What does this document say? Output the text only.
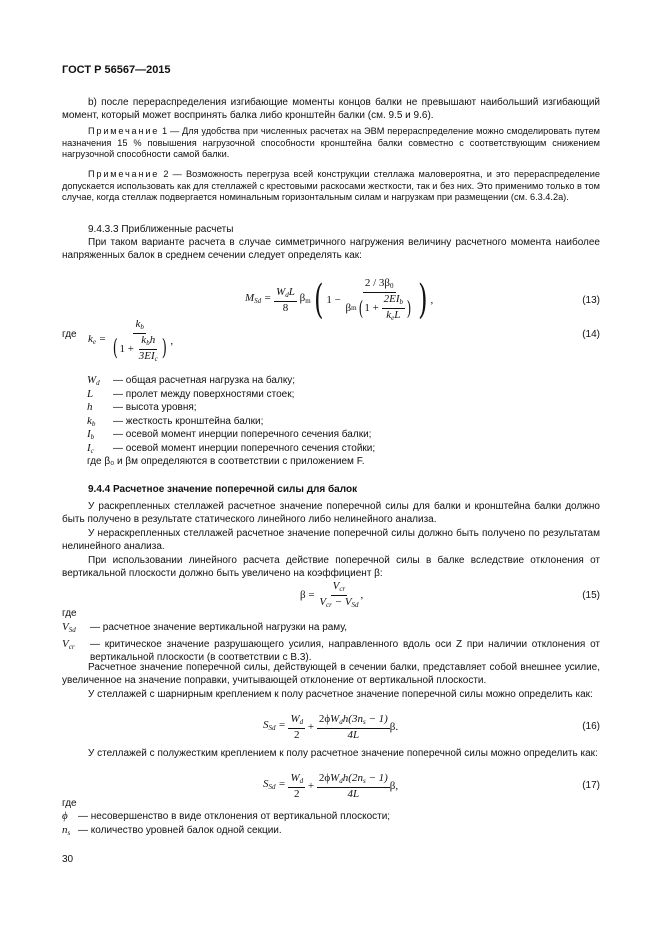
ГОСТ Р 56567—2015
b) после перераспределения изгибающие моменты концов балки не превышают наибольший изгибающий момент, который может воспринять балка либо кронштейн балки (см. 9.5 и 9.6).
Примечание 1 — Для удобства при численных расчетах на ЭВМ перераспределение можно смоделировать путем назначения 15 % повышения нагрузочной способности кронштейна балки совместно с соответствующим снижением нагрузочной способности самой балки.
Примечание 2 — Возможность перегруза всей конструкции стеллажа маловероятна, и это перераспределение допускается использовать как для стеллажей с крестовыми раскосами жесткости, так и без них. Это применимо только в том случае, когда стеллаж подвергается номинальным горизонтальным силам и нагрузкам при размещении (см. 6.3.4.2а).
9.4.3.3 Приближенные расчеты
При таком варианте расчета в случае симметричного нагружения величину расчетного момента наиболее напряженных балок в среднем сечении следует определять как:
$M_{Sd} = \frac{W_dL}{8} \beta_m$ ( $1 - \frac{2 / 3\beta_0}{\beta m ( 1 + \frac{2EI_b}{k_eL} )}$ ) ,	(13)
где $k_e = \frac{k_b}{( 1 + \frac{k_bh}{3EI_c} )}$ ,	(14)
$W_d$ — общая расчетная нагрузка на балку;
L — пролет между поверхностями стоек;
h — высота уровня;
$k_b$ — жесткость кронштейна балки;
$I_b$ — осевой момент инерции поперечного сечения балки;
$I_c$ — осевой момент инерции поперечного сечения стойки;
где β₀ и βм определяются в соответствии с приложением F.
9.4.4 Расчетное значение поперечной силы для балок
У раскрепленных стеллажей расчетное значение поперечной силы для балки и кронштейна балки должно быть получено в результате статического линейного либо нелинейного анализа.
У нераскрепленных стеллажей расчетное значение поперечной силы должно быть получено по результатам нелинейного анализа.
При использовании линейного расчета действие поперечной силы в балке вследствие отклонения от вертикальной плоскости должно быть увеличено на коэффициент β:
$\beta = \frac{V_{cr}}{V_{cr} - V_{Sd}}$ ,	(15)
где
$V_{Sd}$	— расчетное значение вертикальной нагрузки на раму,
$V_{cr}$	— критическое значение разрушающего усилия, направленного вдоль оси Z при наличии отклонения от вертикальной плоскости (в соответствии с В.3).
Расчетное значение поперечной силы, действующей в сечении балки, представляет собой внешнее усилие, увеличенное на значение поправки, учитывающей отклонение от вертикальной плоскости.
У стеллажей с шарнирным креплением к полу расчетное значение поперечной силы можно определить как:
$S_{Sd} = \frac{W_d}{2} + \frac{2\phi W_dh(3n_s - 1)}{4L} \beta$.	(16)
У стеллажей с полужестким креплением к полу расчетное значение поперечной силы можно определить как:
$S_{Sd} = \frac{W_d}{2} + \frac{2\phi W_dh(2n_s - 1)}{4L} \beta$,	(17)
где
ϕ — несовершенство в виде отклонения от вертикальной плоскости;
$n_s$ — количество уровней балок одной секции.
30
